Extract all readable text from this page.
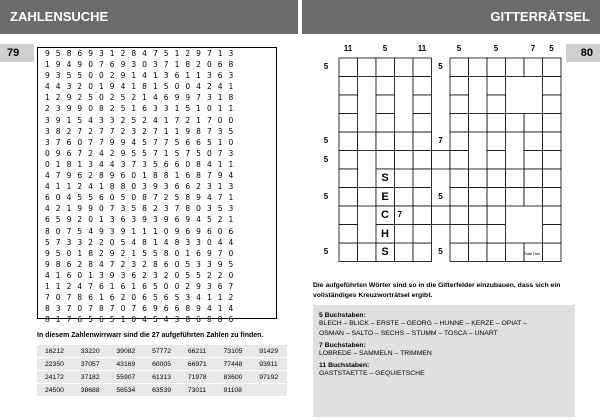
ZAHLENSUCHE	GITTERRÄTSEL
79	80
9 5 8 6 9 3 1 2 8 4 7 5 1 2 9 7 1 3
1 9 4 9 0 7 6 9 3 0 3 7 1 8 2 0 6 8
9 3 5 5 0 0 2 9 1 4 1 3 6 1 1 3 6 3
4 4 3 2 0 1 9 4 1 8 1 5 0 0 4 2 4 1
1 2 9 2 5 0 2 5 2 1 4 6 9 9 7 3 1 8
2 3 9 9 0 8 2 5 1 6 3 3 1 5 1 0 1 1
3 9 1 5 4 3 3 2 5 2 4 1 7 2 1 7 0 0
3 8 2 7 2 7 7 2 3 2 7 1 1 9 8 7 3 5
3 7 6 0 7 7 9 9 4 5 7 7 5 6 6 5 1 0
0 9 6 7 2 4 2 9 5 5 7 1 5 7 5 0 7 3
0 1 8 1 3 4 4 3 7 3 5 6 6 0 8 4 1 1
4 7 9 6 2 8 9 6 0 1 8 8 1 6 8 7 9 4
4 1 1 2 4 1 8 8 0 3 9 3 6 6 2 3 1 3
6 0 4 5 5 6 0 5 0 8 7 2 5 8 9 4 7 1
4 2 1 9 9 0 7 3 5 8 2 3 7 8 0 3 5 3
6 5 9 2 0 1 3 6 3 9 3 9 6 9 4 5 2 1
8 0 7 5 4 9 3 9 1 1 1 0 9 6 9 6 0 6
5 7 3 3 2 2 0 5 4 8 1 4 8 3 3 0 4 4
9 5 0 1 8 2 9 2 1 5 5 8 0 1 6 9 7 0
9 8 6 2 8 4 7 2 3 2 8 6 0 5 3 3 9 5
4 1 6 0 1 3 9 3 6 2 3 2 0 5 5 2 2 0
1 1 2 4 7 6 1 6 1 6 5 0 0 2 9 3 6 7
7 0 7 8 6 1 6 2 0 6 5 6 5 3 4 1 1 2
8 3 7 0 7 8 7 0 7 6 9 6 6 8 9 4 1 4
8 1 7 6 5 6 5 1 0 4 5 4 3 8 6 8 8 6
In diesem Zahlenwirrwarr sind die 27 aufgeführten Zahlen zu finden.
16212	33220	39082	57772	66211	73105	91429
22350	37057	43169	60005	66971	77448	93911
24172	37182	55907	61313	71978	83600	97192
24500	38688	56534	63539	73011	91108	
11	5	11	5	5	7	5
5
5
5
5
5
7
7
5
5
5
S
E
C
H
S	RateTrax
Die aufgeführten Wörter sind so in die Gitterfelder einzubauen, dass sich ein vollständiges Kreuzworträtsel ergibt.
5 Buchstaben:
BLECH – BLICK – ERSTE – GEORG – HUNNE – KERZE – OPIAT –
OSMAN – SALTO – SECHS – STUMM – TOSCA – UNART
7 Buchstaben:
LOBREDE – SAMMELN – TRIMMEN
11 Buchstaben:
GASTSTAETTE – GEQUIETSCHE
